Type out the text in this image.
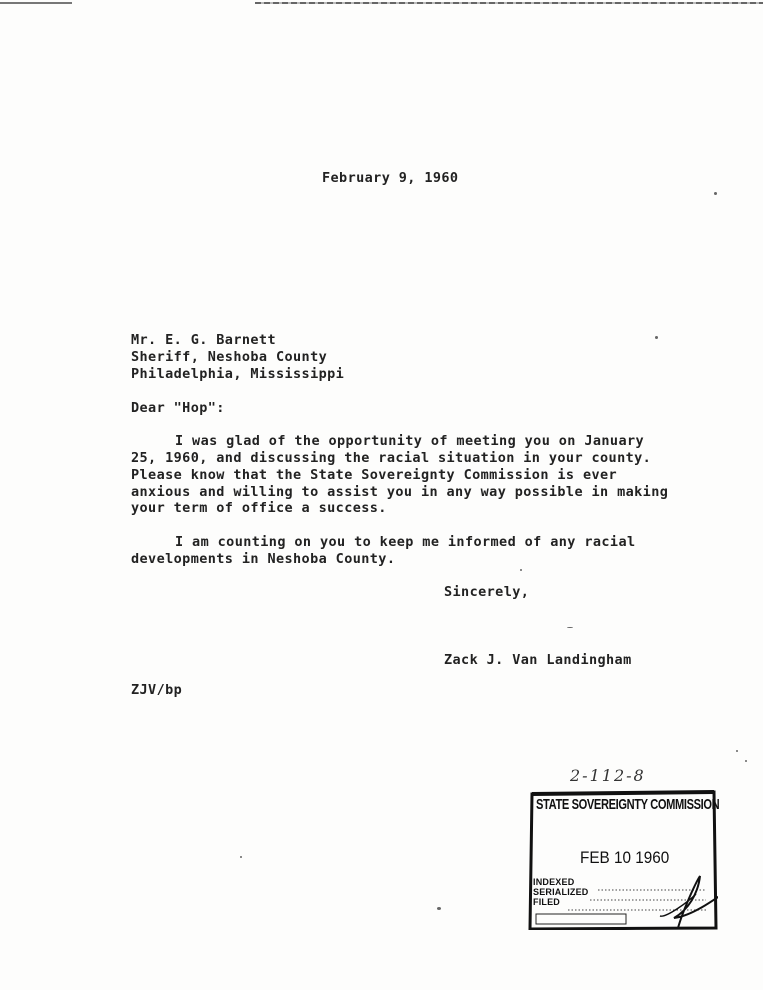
February 9, 1960
Mr. E. G. Barnett
Sheriff, Neshoba County
Philadelphia, Mississippi
Dear "Hop":
I was glad of the opportunity of meeting you on January
25, 1960, and discussing the racial situation in your county.
Please know that the State Sovereignty Commission is ever
anxious and willing to assist you in any way possible in making
your term of office a success.
I am counting on you to keep me informed of any racial
developments in Neshoba County.
Sincerely,
Zack J. Van Landingham
ZJV/bp
2-112-8
STATE SOVEREIGNTY COMMISSION
FEB 10 1960
INDEXED
SERIALIZED
FILED
